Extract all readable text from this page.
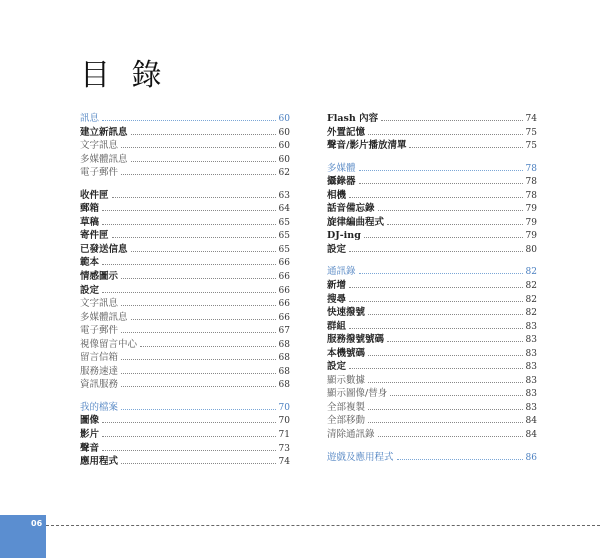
目 錄
訊息	60
建立新訊息	60
文字訊息	60
多媒體訊息	60
電子郵件	62
收件匣	63
郵箱	64
草稿	65
寄件匣	65
已發送信息	65
範本	66
情感圖示	66
設定	66
文字訊息	66
多媒體訊息	66
電子郵件	67
視像留言中心	68
留言信箱	68
服務速達	68
資訊服務	68
我的檔案	70
圖像	70
影片	71
聲音	73
應用程式	74
Flash 內容	74
外置記憶	75
聲音/影片播放清單	75
多媒體	78
攝錄器	78
相機	78
話音備忘錄	79
旋律編曲程式	79
DJ-ing	79
設定	80
通訊錄	82
新增	82
搜尋	82
快速撥號	82
群組	83
服務撥號號碼	83
本機號碼	83
設定	83
顯示數據	83
顯示圖像/替身	83
全部複製	83
全部移動	84
清除通訊錄	84
遊戲及應用程式	86
06
